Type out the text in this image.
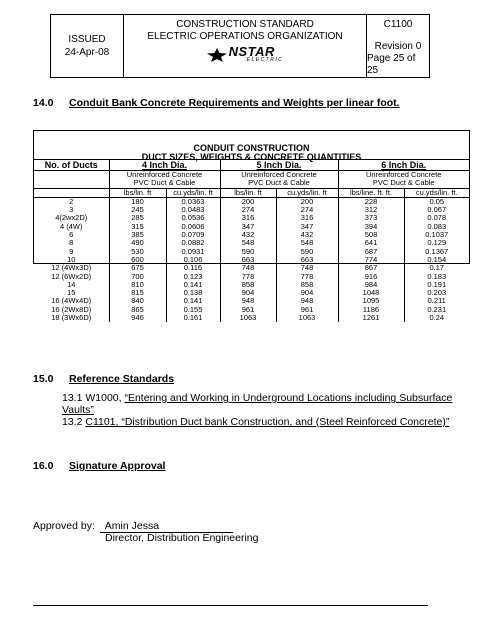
ISSUED
24-Apr-08
CONSTRUCTION STANDARD
ELECTRIC OPERATIONS ORGANIZATION
NSTAR
ELECTRIC
C1100
Revision 0
Page 25 of 25
14.0 Conduit Bank Concrete Requirements and Weights per linear foot.
CONDUIT CONSTRUCTION
DUCT SIZES, WEIGHTS & CONCRETE QUANTITIES
No. of Ducts	4 Inch Dia.		5 Inch Dia.		6 Inch Dia.	
	Unreinforced Concrete		Unreinforced Concrete		Unreinforced Concrete	
	PVC Duct & Cable		PVC Duct & Cable		PVC Duct & Cable	
	lbs/lin. ft	cu.yds/lin. ft	lbs/lin. ft	cu.yds/lin. ft	lbs/line. ft. ft.	cu.yds/lin. ft.
2	180	0.0363	200	200	228	0.05
3	245	0.0483	274	274	312	0.067
4(2wx2D)	285	0.0536	316	316	373	0.078
4 (4W)	315	0.0606	347	347	394	0.083
6	385	0.0709	432	432	508	0.1037
8	490	0.0882	548	548	641	0.129
9	530	0.0931	590	590	687	0.1367
10	600	0.106	663	663	774	0.154
12 (4Wx3D)	675	0.116	748	748	867	0.17
12 (6Wx2D)	700	0.123	778	778	916	0.183
14	810	0.141	858	858	984	0.191
15	815	0.138	904	904	1048	0.203
16 (4Wx4D)	840	0.141	948	948	1095	0.211
16 (2Wx8D)	865	0.155	961	961	1186	0.231
18 (3Wx6D)	946	0.161	1063	1063	1261	0.24
15.0 Reference Standards
13.1 W1000, “Entering and Working in Underground Locations including Subsurface
Vaults”
13.2 C1101, “Distribution Duct bank Construction, and (Steel Reinforced Concrete)”
16.0 Signature Approval
Approved by: Amin Jessa
Director, Distribution Engineering
